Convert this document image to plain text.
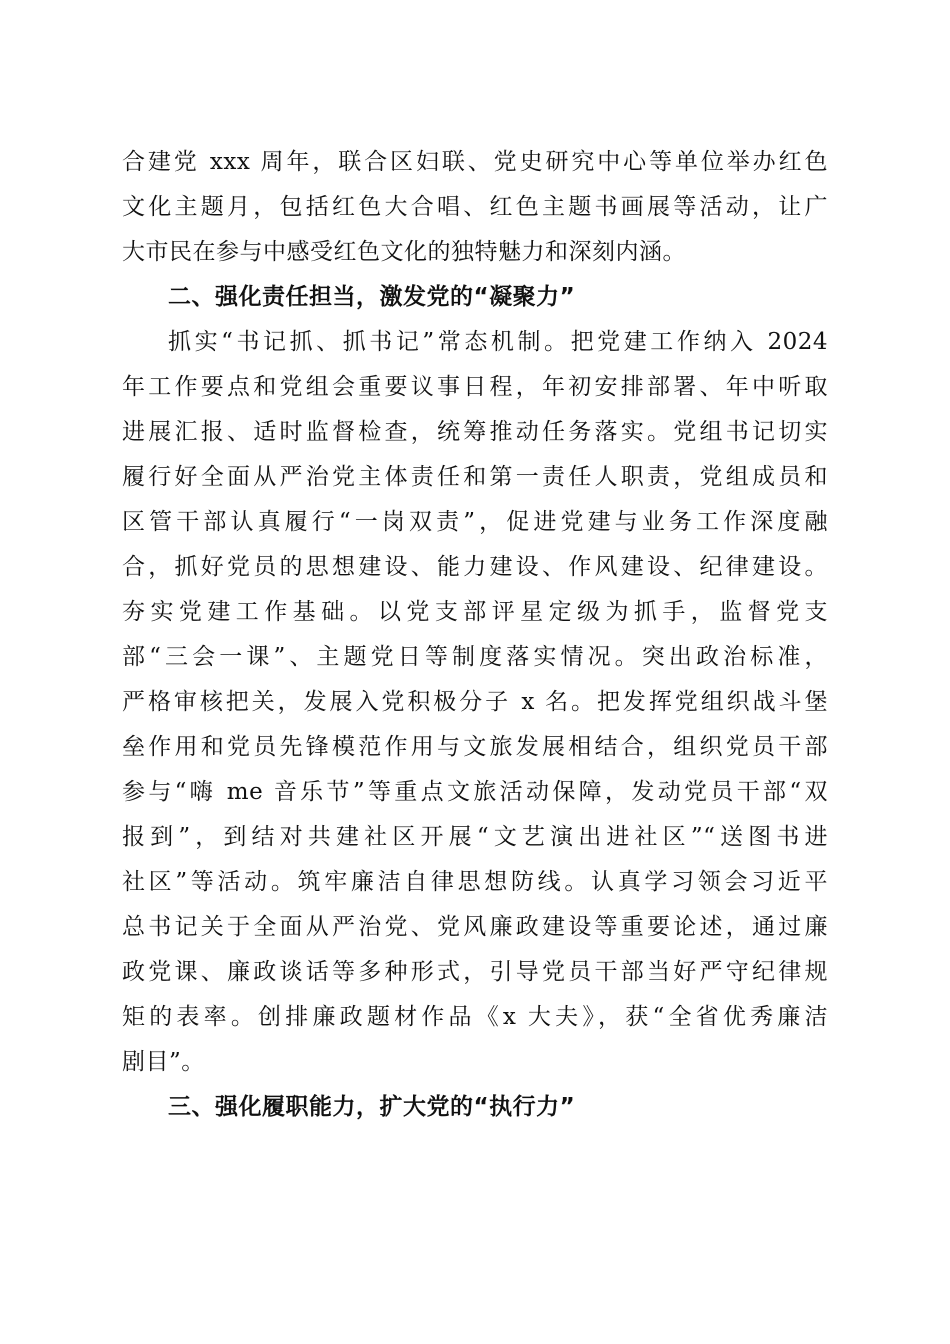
合建党 xxx 周年，联合区妇联、党史研究中心等单位举办红色
文化主题月，包括红色大合唱、红色主题书画展等活动，让广
大市民在参与中感受红色文化的独特魅力和深刻内涵。
二、强化责任担当，激发党的“凝聚力”
抓实“书记抓、抓书记”常态机制。把党建工作纳入 2024
年工作要点和党组会重要议事日程，年初安排部署、年中听取
进展汇报、适时监督检查，统筹推动任务落实。党组书记切实
履行好全面从严治党主体责任和第一责任人职责，党组成员和
区管干部认真履行“一岗双责”，促进党建与业务工作深度融
合，抓好党员的思想建设、能力建设、作风建设、纪律建设。
夯实党建工作基础。以党支部评星定级为抓手，监督党支
部“三会一课”、主题党日等制度落实情况。突出政治标准，
严格审核把关，发展入党积极分子 x 名。把发挥党组织战斗堡
垒作用和党员先锋模范作用与文旅发展相结合，组织党员干部
参与“嗨 me 音乐节”等重点文旅活动保障，发动党员干部“双
报到”，到结对共建社区开展“文艺演出进社区”“送图书进
社区”等活动。筑牢廉洁自律思想防线。认真学习领会习近平
总书记关于全面从严治党、党风廉政建设等重要论述，通过廉
政党课、廉政谈话等多种形式，引导党员干部当好严守纪律规
矩的表率。创排廉政题材作品《x 大夫》，获“全省优秀廉洁
剧目”。
三、强化履职能力，扩大党的“执行力”
